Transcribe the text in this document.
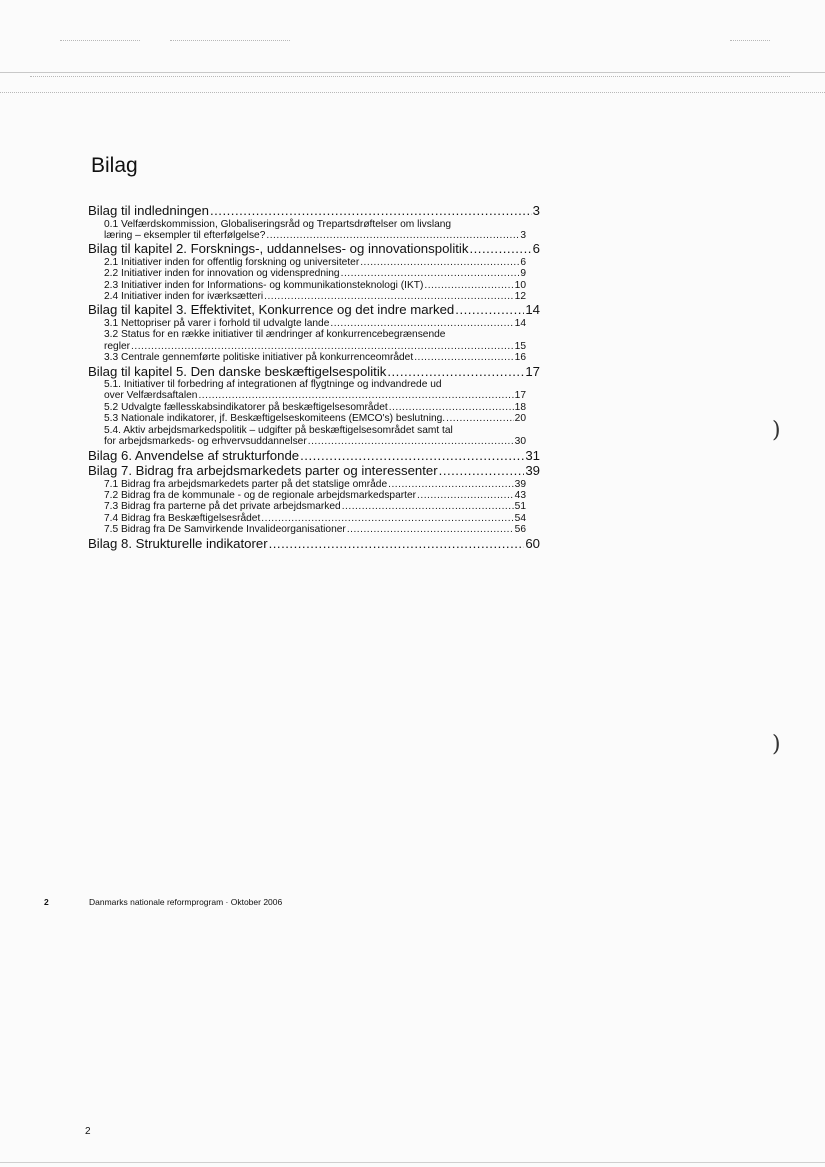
Bilag
Bilag til indledningen .....	3
0.1 Velfærdskommission, Globaliseringsråd og Trepartsdrøftelser om livslang
læring – eksempler til efterfølgelse? .....	3
Bilag til kapitel 2. Forsknings-, uddannelses- og innovationspolitik .....	6
2.1 Initiativer inden for offentlig forskning og universiteter .....	6
2.2 Initiativer inden for innovation og videnspredning .....	9
2.3 Initiativer inden for Informations- og kommunikationsteknologi (IKT) .....	10
2.4 Initiativer inden for iværksætteri .....	12
Bilag til kapitel 3. Effektivitet, Konkurrence og det indre marked .....	14
3.1 Nettopriser på varer i forhold til udvalgte lande .....	14
3.2 Status for en række initiativer til ændringer af konkurrencebegrænsende
regler .....	15
3.3 Centrale gennemførte politiske initiativer på konkurrenceområdet .....	16
Bilag til kapitel 5. Den danske beskæftigelsespolitik .....	17
5.1. Initiativer til forbedring af integrationen af flygtninge og indvandrede ud
over Velfærdsaftalen .....	17
5.2 Udvalgte fællesskabsindikatorer på beskæftigelsesområdet .....	18
5.3 Nationale indikatorer, jf. Beskæftigelseskomiteens (EMCO's) beslutning. .....	20
5.4. Aktiv arbejdsmarkedspolitik – udgifter på beskæftigelsesområdet samt tal
for arbejdsmarkeds- og erhvervsuddannelser .....	30
Bilag 6. Anvendelse af strukturfonde .....	31
Bilag 7. Bidrag fra arbejdsmarkedets parter og interessenter .....	39
7.1 Bidrag fra arbejdsmarkedets parter på det statslige område .....	39
7.2 Bidrag fra de kommunale - og de regionale arbejdsmarkedsparter .....	43
7.3 Bidrag fra parterne på det private arbejdsmarked .....	51
7.4 Bidrag fra Beskæftigelsesrådet .....	54
7.5 Bidrag fra De Samvirkende Invalideorganisationer .....	56
Bilag 8. Strukturelle indikatorer .....	60
2	Danmarks nationale reformprogram · Oktober 2006
)
)
2
